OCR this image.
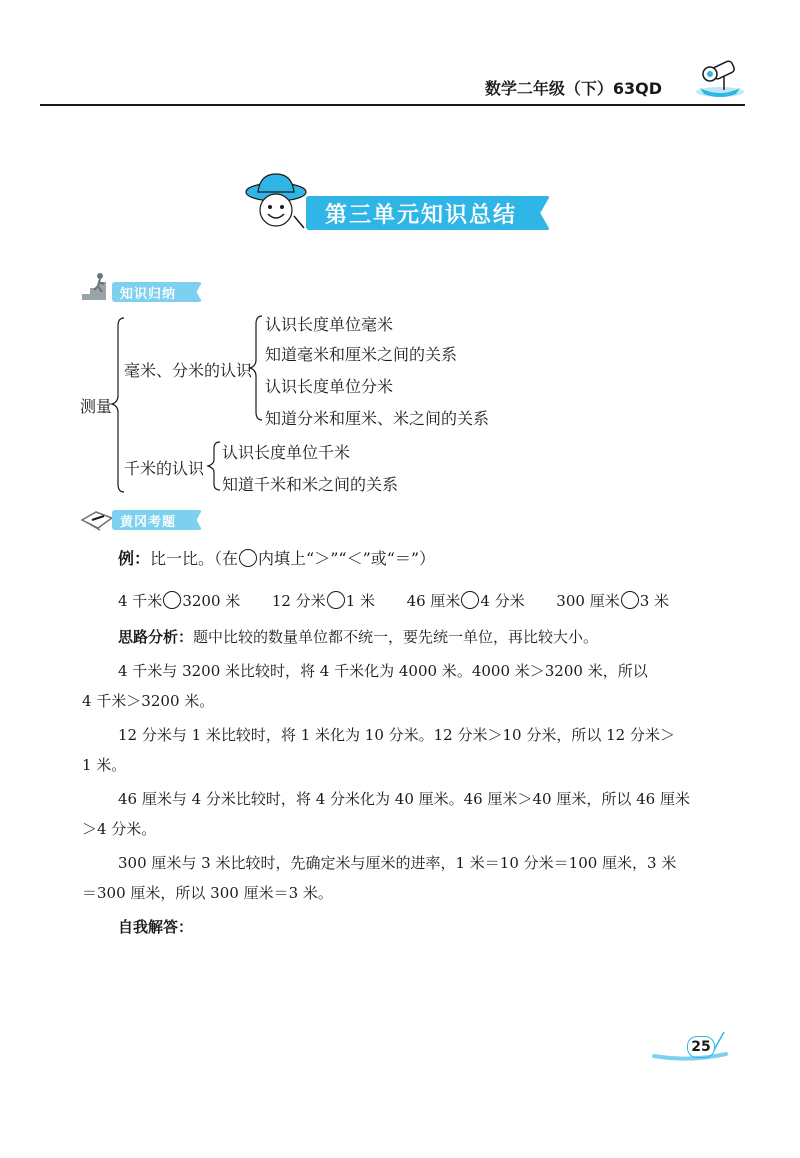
数学二年级（下）63QD
第三单元知识总结
知识归纳
测量
毫米、分米的认识
认识长度单位毫米
知道毫米和厘米之间的关系
认识长度单位分米
知道分米和厘米、米之间的关系
千米的认识
认识长度单位千米
知道千米和米之间的关系
黄冈考题
例：比一比。（在 内填上“＞”“＜”或“＝”）
4 千米 3200 米 12 分米 1 米 46 厘米 4 分米 300 厘米 3 米
思路分析：题中比较的数量单位都不统一，要先统一单位，再比较大小。
4 千米与 3200 米比较时，将 4 千米化为 4000 米。4000 米＞3200 米，所以
4 千米＞3200 米。
12 分米与 1 米比较时，将 1 米化为 10 分米。12 分米＞10 分米，所以 12 分米＞
1 米。
46 厘米与 4 分米比较时，将 4 分米化为 40 厘米。46 厘米＞40 厘米，所以 46 厘米
＞4 分米。
300 厘米与 3 米比较时，先确定米与厘米的进率，1 米＝10 分米＝100 厘米，3 米
＝300 厘米，所以 300 厘米＝3 米。
自我解答：
25
